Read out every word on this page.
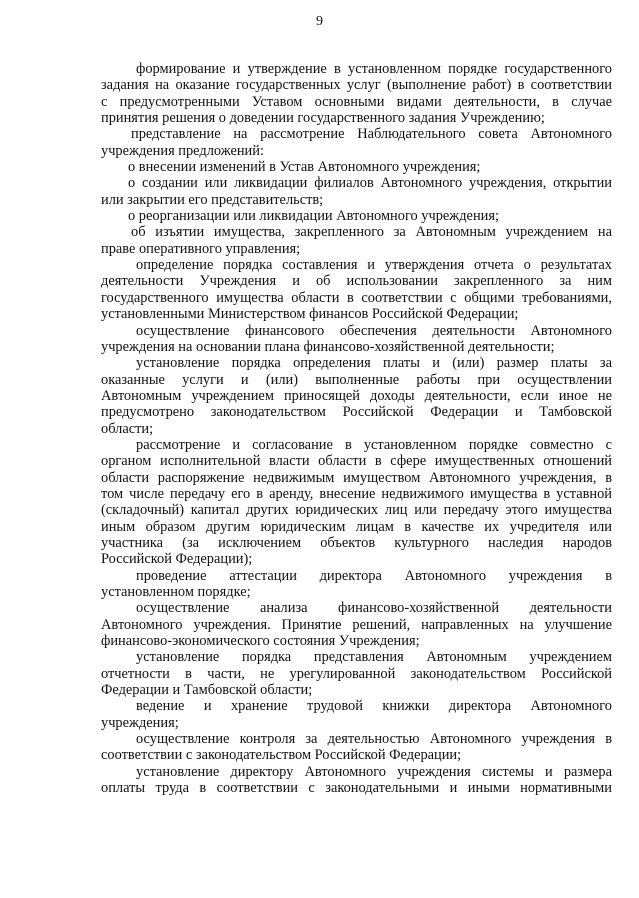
9
формирование и утверждение в установленном порядке государственного
задания на оказание государственных услуг (выполнение работ) в соответствии
с предусмотренными Уставом основными видами деятельности, в случае
принятия решения о доведении государственного задания Учреждению;
представление на рассмотрение Наблюдательного совета Автономного
учреждения предложений:
о внесении изменений в Устав Автономного учреждения;
о создании или ликвидации филиалов Автономного учреждения, открытии
или закрытии его представительств;
о реорганизации или ликвидации Автономного учреждения;
об изъятии имущества, закрепленного за Автономным учреждением на
праве оперативного управления;
определение порядка составления и утверждения отчета о результатах
деятельности Учреждения и об использовании закрепленного за ним
государственного имущества области в соответствии с общими требованиями,
установленными Министерством финансов Российской Федерации;
осуществление финансового обеспечения деятельности Автономного
учреждения на основании плана финансово-хозяйственной деятельности;
установление порядка определения платы и (или) размер платы за
оказанные услуги и (или) выполненные работы при осуществлении
Автономным учреждением приносящей доходы деятельности, если иное не
предусмотрено законодательством Российской Федерации и Тамбовской
области;
рассмотрение и согласование в установленном порядке совместно с
органом исполнительной власти области в сфере имущественных отношений
области распоряжение недвижимым имуществом Автономного учреждения, в
том числе передачу его в аренду, внесение недвижимого имущества в уставной
(складочный) капитал других юридических лиц или передачу этого имущества
иным образом другим юридическим лицам в качестве их учредителя или
участника (за исключением объектов культурного наследия народов
Российской Федерации);
проведение аттестации директора Автономного учреждения в
установленном порядке;
осуществление анализа финансово-хозяйственной деятельности
Автономного учреждения. Принятие решений, направленных на улучшение
финансово-экономического состояния Учреждения;
установление порядка представления Автономным учреждением
отчетности в части, не урегулированной законодательством Российской
Федерации и Тамбовской области;
ведение и хранение трудовой книжки директора Автономного
учреждения;
осуществление контроля за деятельностью Автономного учреждения в
соответствии с законодательством Российской Федерации;
установление директору Автономного учреждения системы и размера
оплаты труда в соответствии с законодательными и иными нормативными
